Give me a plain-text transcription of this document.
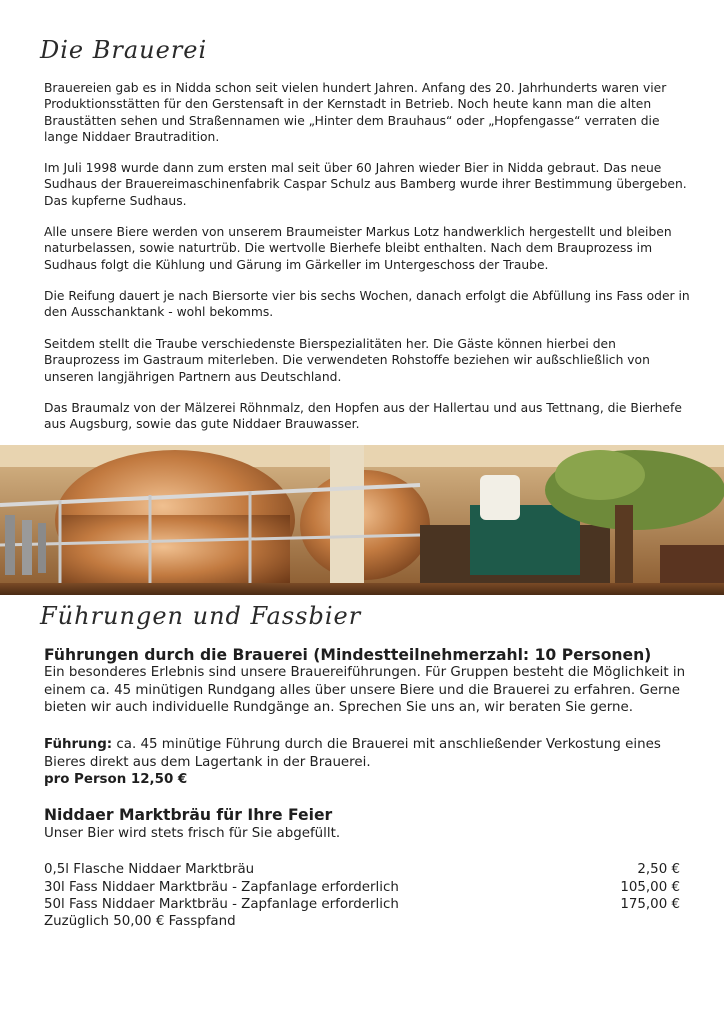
Die Brauerei

Brauereien gab es in Nidda schon seit vielen hundert Jahren. Anfang des 20. Jahrhunderts waren vier Produktionsstätten für den Gerstensaft in der Kernstadt in Betrieb. Noch heute kann man die alten Braustätten sehen und Straßennamen wie „Hinter dem Brauhaus“ oder „Hopfengasse“ verraten die lange Niddaer Brautradition.

Im Juli 1998 wurde dann zum ersten mal seit über 60 Jahren wieder Bier in Nidda gebraut. Das neue Sudhaus der Brauereimaschinenfabrik Caspar Schulz aus Bamberg wurde ihrer Bestimmung übergeben. Das kupferne Sudhaus.

Alle unsere Biere werden von unserem Braumeister Markus Lotz handwerklich hergestellt und bleiben naturbelassen, sowie naturtrüb. Die wertvolle Bierhefe bleibt enthalten. Nach dem Brauprozess im Sudhaus folgt die Kühlung und Gärung im Gärkeller im Untergeschoss der Traube.

Die Reifung dauert je nach Biersorte vier bis sechs Wochen, danach erfolgt die Abfüllung ins Fass oder in den Ausschanktank - wohl bekomms.

Seitdem stellt die Traube verschiedenste Bierspezialitäten her. Die Gäste können hierbei den Brauprozess im Gastraum miterleben. Die verwendeten Rohstoffe beziehen wir außschließlich von unseren langjährigen Partnern aus Deutschland.

Das Braumalz von der Mälzerei Röhnmalz, den Hopfen aus der Hallertau und aus Tettnang, die Bierhefe aus Augsburg, sowie das gute Niddaer Brauwasser.

Führungen und Fassbier
Führungen durch die Brauerei (Mindestteilnehmerzahl: 10 Personen)

Ein besonderes Erlebnis sind unsere Brauereiführungen. Für Gruppen besteht die Möglichkeit in einem ca. 45 minütigen Rundgang alles über unsere Biere und die Brauerei zu erfahren. Gerne bieten wir auch individuelle Rundgänge an. Sprechen Sie uns an, wir beraten Sie gerne.

Führung: ca. 45 minütige Führung durch die Brauerei mit anschließender Verkostung eines Bieres direkt aus dem Lagertank in der Brauerei.

pro Person 12,50 €

Niddaer Marktbräu für Ihre Feier

Unser Bier wird stets frisch für Sie abgefüllt.

0,5l Flasche Niddaer Marktbräu	2,50 €
30l Fass Niddaer Marktbräu - Zapfanlage erforderlich	105,00 €
50l Fass Niddaer Marktbräu - Zapfanlage erforderlich	175,00 €

Zuzüglich 50,00 € Fasspfand
